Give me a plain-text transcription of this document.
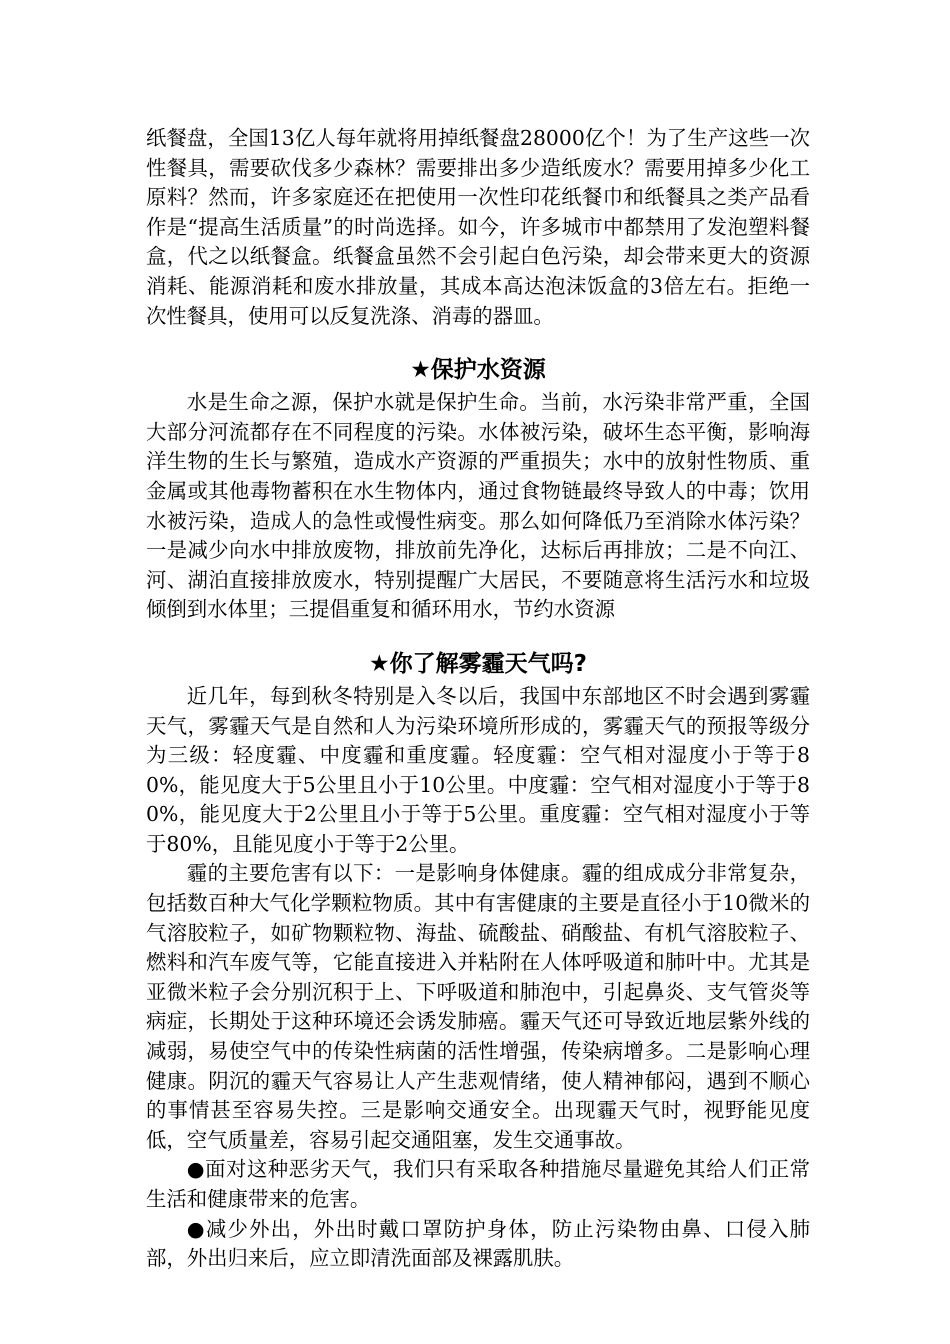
纸餐盘，全国13亿人每年就将用掉纸餐盘28000亿个！为了生产这些一次性餐具，需要砍伐多少森林？需要排出多少造纸废水？需要用掉多少化工原料？然而，许多家庭还在把使用一次性印花纸餐巾和纸餐具之类产品看作是“提高生活质量”的时尚选择。如今，许多城市中都禁用了发泡塑料餐盒，代之以纸餐盒。纸餐盒虽然不会引起白色污染，却会带来更大的资源消耗、能源消耗和废水排放量，其成本高达泡沫饭盒的3倍左右。拒绝一次性餐具，使用可以反复洗涤、消毒的器皿。

★保护水资源

水是生命之源，保护水就是保护生命。当前，水污染非常严重，全国大部分河流都存在不同程度的污染。水体被污染，破坏生态平衡，影响海洋生物的生长与繁殖，造成水产资源的严重损失；水中的放射性物质、重金属或其他毒物蓄积在水生物体内，通过食物链最终导致人的中毒；饮用水被污染，造成人的急性或慢性病变。那么如何降低乃至消除水体污染？一是减少向水中排放废物，排放前先净化，达标后再排放；二是不向江、河、湖泊直接排放废水，特别提醒广大居民，不要随意将生活污水和垃圾倾倒到水体里；三提倡重复和循环用水，节约水资源

★你了解雾霾天气吗?

近几年，每到秋冬特别是入冬以后，我国中东部地区不时会遇到雾霾天气，雾霾天气是自然和人为污染环境所形成的，雾霾天气的预报等级分为三级：轻度霾、中度霾和重度霾。轻度霾：空气相对湿度小于等于80%，能见度大于5公里且小于10公里。中度霾：空气相对湿度小于等于80%，能见度大于2公里且小于等于5公里。重度霾：空气相对湿度小于等于80%，且能见度小于等于2公里。

霾的主要危害有以下：一是影响身体健康。霾的组成成分非常复杂，包括数百种大气化学颗粒物质。其中有害健康的主要是直径小于10微米的气溶胶粒子，如矿物颗粒物、海盐、硫酸盐、硝酸盐、有机气溶胶粒子、燃料和汽车废气等，它能直接进入并粘附在人体呼吸道和肺叶中。尤其是亚微米粒子会分别沉积于上、下呼吸道和肺泡中，引起鼻炎、支气管炎等病症，长期处于这种环境还会诱发肺癌。霾天气还可导致近地层紫外线的减弱，易使空气中的传染性病菌的活性增强，传染病增多。二是影响心理健康。阴沉的霾天气容易让人产生悲观情绪，使人精神郁闷，遇到不顺心的事情甚至容易失控。三是影响交通安全。出现霾天气时，视野能见度低，空气质量差，容易引起交通阻塞，发生交通事故。

●面对这种恶劣天气，我们只有采取各种措施尽量避免其给人们正常生活和健康带来的危害。

●减少外出，外出时戴口罩防护身体，防止污染物由鼻、口侵入肺部，外出归来后，应立即清洗面部及裸露肌肤。
